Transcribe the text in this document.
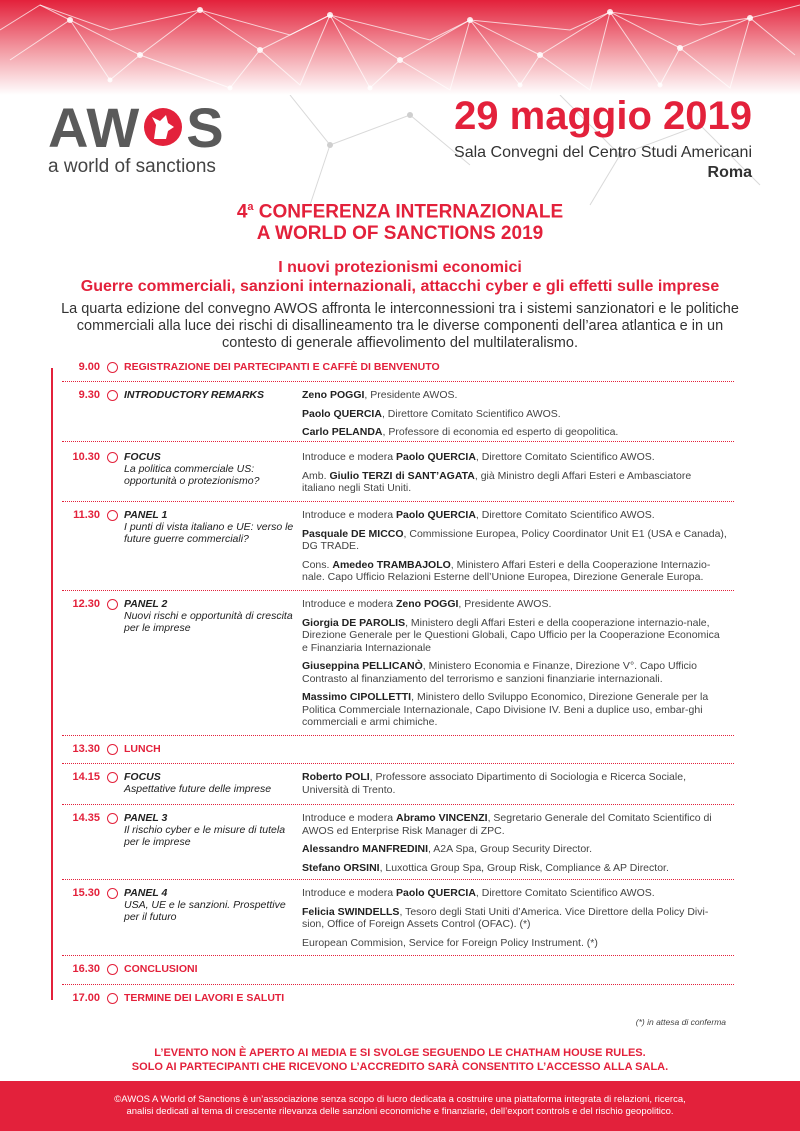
AW S
a world of sanctions
29 maggio 2019
Sala Convegni del Centro Studi Americani
Roma
4$^a$ CONFERENZA INTERNAZIONALE
A WORLD OF SANCTIONS 2019
I nuovi protezionismi economici
Guerre commerciali, sanzioni internazionali, attacchi cyber e gli effetti sulle imprese
La quarta edizione del convegno AWOS affronta le interconnessioni tra i sistemi sanzionatori e le politiche commerciali alla luce dei rischi di disallineamento tra le diverse componenti dell’area atlantica e in un contesto di generale affievolimento del multilateralismo.
9.00 REGISTRAZIONE DEI PARTECIPANTI E CAFFÈ DI BENVENUTO
9.30 INTRODUCTORY REMARKS	Zeno POGGI, Presidente AWOS.

Paolo QUERCIA, Direttore Comitato Scientifico AWOS.

Carlo PELANDA, Professore di economia ed esperto di geopolitica.

10.30 FOCUS
La politica commerciale US: opportunità o protezionismo?

Introduce e modera Paolo QUERCIA, Direttore Comitato Scientifico AWOS.

Amb. Giulio TERZI di SANT’AGATA, già Ministro degli Affari Esteri e Ambasciatore italiano negli Stati Uniti.

11.30 PANEL 1
I punti di vista italiano e UE: verso le future guerre commerciali?

Introduce e modera Paolo QUERCIA, Direttore Comitato Scientifico AWOS.

Pasquale DE MICCO, Commissione Europea, Policy Coordinator Unit E1 (USA e Canada), DG TRADE.

Cons. Amedeo TRAMBAJOLO, Ministero Affari Esteri e della Cooperazione Internazio-nale. Capo Ufficio Relazioni Esterne dell’Unione Europea, Direzione Generale Europa.

12.30 PANEL 2
Nuovi rischi e opportunità di crescita per le imprese

Introduce e modera Zeno POGGI, Presidente AWOS.

Giorgia DE PAROLIS, Ministero degli Affari Esteri e della cooperazione internazio-nale, Direzione Generale per le Questioni Globali, Capo Ufficio per la Cooperazione Economica e Finanziaria Internazionale

Giuseppina PELLICANÒ, Ministero Economia e Finanze, Direzione V°. Capo Ufficio Contrasto al finanziamento del terrorismo e sanzioni finanziarie internazionali.

Massimo CIPOLLETTI, Ministero dello Sviluppo Economico, Direzione Generale per la Politica Commerciale Internazionale, Capo Divisione IV. Beni a duplice uso, embar-ghi commerciali e armi chimiche.

13.30 LUNCH
14.15 FOCUS
Aspettative future delle imprese

Roberto POLI, Professore associato Dipartimento di Sociologia e Ricerca Sociale, Università di Trento.

14.35 PANEL 3
Il rischio cyber e le misure di tutela per le imprese

Introduce e modera Abramo VINCENZI, Segretario Generale del Comitato Scientifico di AWOS ed Enterprise Risk Manager di ZPC.

Alessandro MANFREDINI, A2A Spa, Group Security Director.

Stefano ORSINI, Luxottica Group Spa, Group Risk, Compliance & AP Director.

15.30 PANEL 4
USA, UE e le sanzioni. Prospettive per il futuro

Introduce e modera Paolo QUERCIA, Direttore Comitato Scientifico AWOS.

Felicia SWINDELLS, Tesoro degli Stati Uniti d’America. Vice Direttore della Policy Divi-sion, Office of Foreign Assets Control (OFAC). (*)

European Commision, Service for Foreign Policy Instrument. (*)

16.30 CONCLUSIONI
17.00 TERMINE DEI LAVORI E SALUTI
(*) in attesa di conferma
L’EVENTO NON È APERTO AI MEDIA E SI SVOLGE SEGUENDO LE CHATHAM HOUSE RULES.
SOLO AI PARTECIPANTI CHE RICEVONO L’ACCREDITO SARÀ CONSENTITO L’ACCESSO ALLA SALA.
©AWOS A World of Sanctions è un’associazione senza scopo di lucro dedicata a costruire una piattaforma integrata di relazioni, ricerca,
analisi dedicati al tema di crescente rilevanza delle sanzioni economiche e finanziarie, dell’export controls e del rischio geopolitico.
